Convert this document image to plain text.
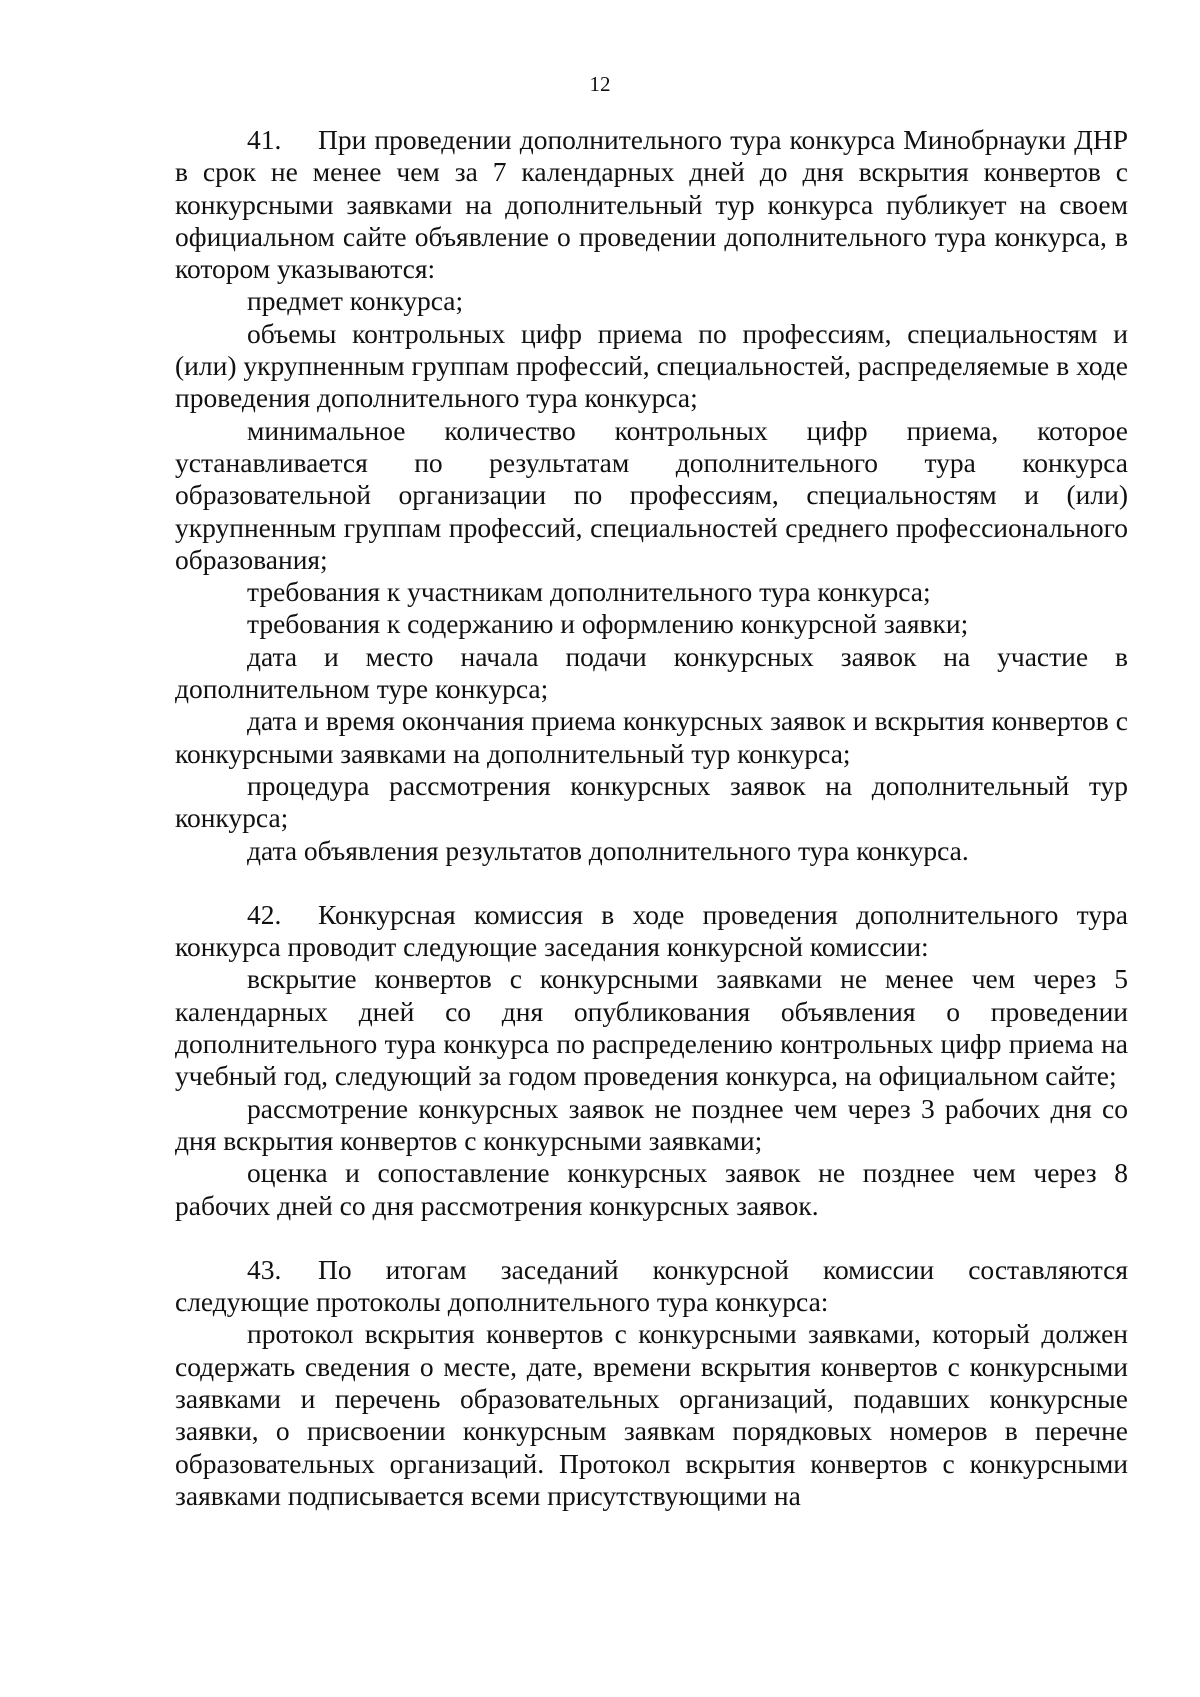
12

41. При проведении дополнительного тура конкурса Минобрнауки ДНР в срок не менее чем за 7 календарных дней до дня вскрытия конвертов с конкурсными заявками на дополнительный тур конкурса публикует на своем официальном сайте объявление о проведении дополнительного тура конкурса, в котором указываются:

предмет конкурса;

объемы контрольных цифр приема по профессиям, специальностям и (или) укрупненным группам профессий, специальностей, распределяемые в ходе проведения дополнительного тура конкурса;

минимальное количество контрольных цифр приема, которое устанавливается по результатам дополнительного тура конкурса образовательной организации по профессиям, специальностям и (или) укрупненным группам профессий, специальностей среднего профессионального образования;

требования к участникам дополнительного тура конкурса;

требования к содержанию и оформлению конкурсной заявки;

дата и место начала подачи конкурсных заявок на участие в дополнительном туре конкурса;

дата и время окончания приема конкурсных заявок и вскрытия конвертов с конкурсными заявками на дополнительный тур конкурса;

процедура рассмотрения конкурсных заявок на дополнительный тур конкурса;

дата объявления результатов дополнительного тура конкурса.

42. Конкурсная комиссия в ходе проведения дополнительного тура конкурса проводит следующие заседания конкурсной комиссии:

вскрытие конвертов с конкурсными заявками не менее чем через 5 календарных дней со дня опубликования объявления о проведении дополнительного тура конкурса по распределению контрольных цифр приема на учебный год, следующий за годом проведения конкурса, на официальном сайте;

рассмотрение конкурсных заявок не позднее чем через 3 рабочих дня со дня вскрытия конвертов с конкурсными заявками;

оценка и сопоставление конкурсных заявок не позднее чем через 8 рабочих дней со дня рассмотрения конкурсных заявок.

43. По итогам заседаний конкурсной комиссии составляются следующие протоколы дополнительного тура конкурса:

протокол вскрытия конвертов с конкурсными заявками, который должен содержать сведения о месте, дате, времени вскрытия конвертов с конкурсными заявками и перечень образовательных организаций, подавших конкурсные заявки, о присвоении конкурсным заявкам порядковых номеров в перечне образовательных организаций. Протокол вскрытия конвертов с конкурсными заявками подписывается всеми присутствующими на
